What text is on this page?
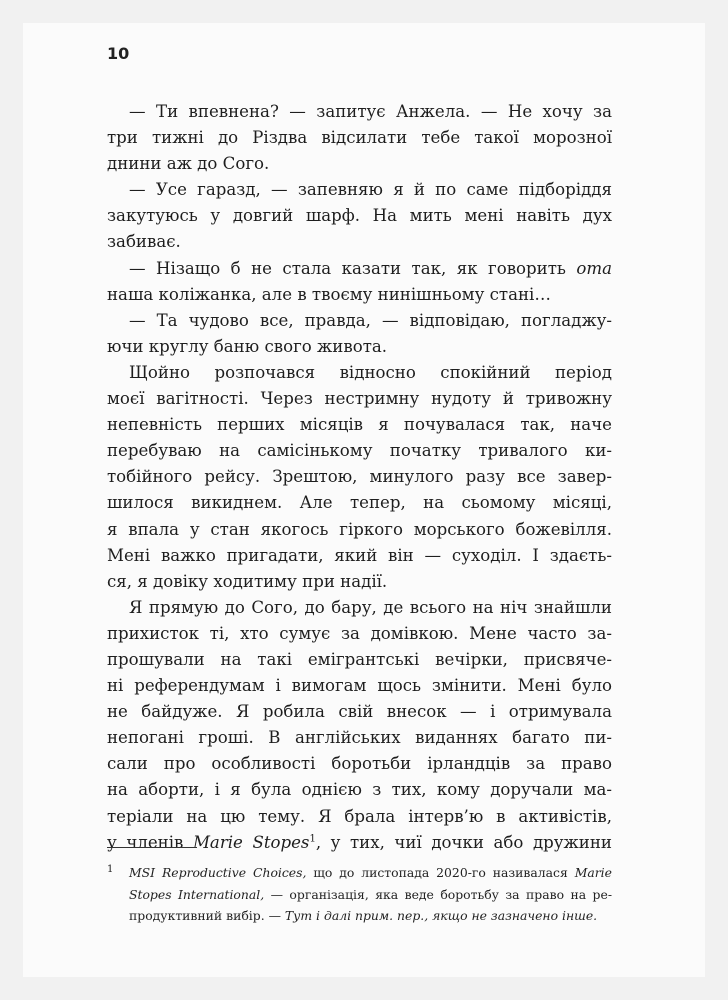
10
— Ти впевнена? — запитує Анжела. — Не хочу за
три тижні до Різдва відсилати тебе такої морозної
днини аж до Сого.
— Усе гаразд, — запевняю я й по саме підборіддя
закутуюсь у довгий шарф. На мить мені навіть дух
забиває.
— Нізащо б не стала казати так, як говорить ота
наша коліжанка, але в твоєму нинішньому стані…
— Та чудово все, правда, — відповідаю, погладжу-
ючи круглу баню свого живота.
Щойно розпочався відносно спокійний період
моєї вагітності. Через нестримну нудоту й тривожну
непевність перших місяців я почувалася так, наче
перебуваю на самісінькому початку тривалого ки-
тобійного рейсу. Зрештою, минулого разу все завер-
шилося викиднем. Але тепер, на сьомому місяці,
я впала у стан якогось гіркого морського божевілля.
Мені важко пригадати, який він — суходіл. І здаєть-
ся, я довіку ходитиму при надії.
Я прямую до Сого, до бару, де всього на ніч знайшли
прихисток ті, хто сумує за домівкою. Мене часто за-
прошували на такі емігрантські вечірки, присвяче-
ні референдумам і вимогам щось змінити. Мені було
не байдуже. Я робила свій внесок — і отримувала
непогані гроші. В англійських виданнях багато пи-
сали про особливості боротьби ірландців за право
на аборти, і я була однією з тих, кому доручали ма-
теріали на цю тему. Я брала інтерв’ю в активістів,
у членів Marie Stopes$^1$, у тих, чиї дочки або дружини
1	MSI Reproductive Choices, що до листопада 2020-го називалася Marie
Stopes International, — організація, яка веде боротьбу за право на ре-
продуктивний вибір. — Тут і далі прим. пер., якщо не зазначено інше.
